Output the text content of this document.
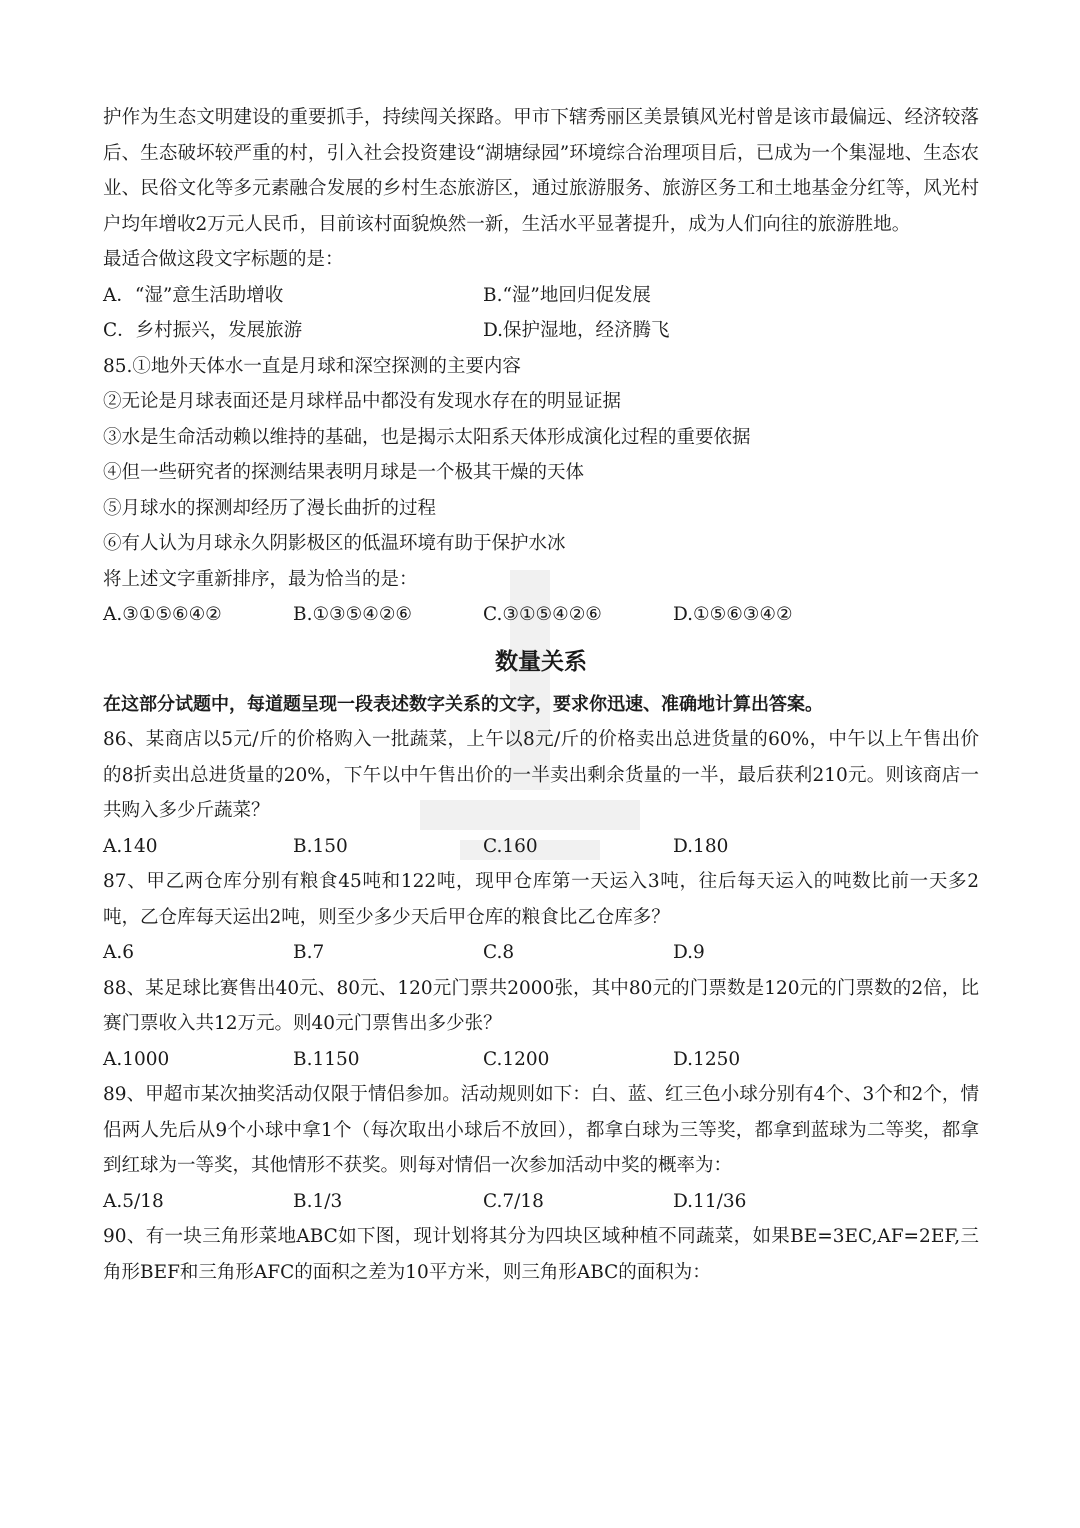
护作为生态文明建设的重要抓手，持续闯关探路。甲市下辖秀丽区美景镇风光村曾是该市最偏远、经济较落后、生态破坏较严重的村，引入社会投资建设“湖塘绿园”环境综合治理项目后，已成为一个集湿地、生态农业、民俗文化等多元素融合发展的乡村生态旅游区，通过旅游服务、旅游区务工和土地基金分红等，风光村户均年增收2万元人民币，目前该村面貌焕然一新，生活水平显著提升，成为人们向往的旅游胜地。

最适合做这段文字标题的是：

A．“湿”意生活助增收	B.“湿”地回归促发展
C．乡村振兴，发展旅游	D.保护湿地，经济腾飞

85.①地外天体水一直是月球和深空探测的主要内容

②无论是月球表面还是月球样品中都没有发现水存在的明显证据

③水是生命活动赖以维持的基础，也是揭示太阳系天体形成演化过程的重要依据

④但一些研究者的探测结果表明月球是一个极其干燥的天体

⑤月球水的探测却经历了漫长曲折的过程

⑥有人认为月球永久阴影极区的低温环境有助于保护水冰

将上述文字重新排序，最为恰当的是：

A.③①⑤⑥④②	B.①③⑤④②⑥	C.③①⑤④②⑥	D.①⑤⑥③④②
数量关系

在这部分试题中，每道题呈现一段表述数字关系的文字，要求你迅速、准确地计算出答案。

86、某商店以5元/斤的价格购入一批蔬菜，上午以8元/斤的价格卖出总进货量的60%，中午以上午售出价的8折卖出总进货量的20%，下午以中午售出价的一半卖出剩余货量的一半，最后获利210元。则该商店一共购入多少斤蔬菜？

A.140	B.150	C.160	D.180

87、甲乙两仓库分别有粮食45吨和122吨，现甲仓库第一天运入3吨，往后每天运入的吨数比前一天多2吨，乙仓库每天运出2吨，则至少多少天后甲仓库的粮食比乙仓库多？

A.6	B.7	C.8	D.9

88、某足球比赛售出40元、80元、120元门票共2000张，其中80元的门票数是120元的门票数的2倍，比赛门票收入共12万元。则40元门票售出多少张？

A.1000	B.1150	C.1200	D.1250

89、甲超市某次抽奖活动仅限于情侣参加。活动规则如下：白、蓝、红三色小球分别有4个、3个和2个，情侣两人先后从9个小球中拿1个（每次取出小球后不放回），都拿白球为三等奖，都拿到蓝球为二等奖，都拿到红球为一等奖，其他情形不获奖。则每对情侣一次参加活动中奖的概率为：

A.5/18	B.1/3	C.7/18	D.11/36

90、有一块三角形菜地ABC如下图，现计划将其分为四块区域种植不同蔬菜，如果BE=3EC,AF=2EF,三角形BEF和三角形AFC的面积之差为10平方米，则三角形ABC的面积为：
